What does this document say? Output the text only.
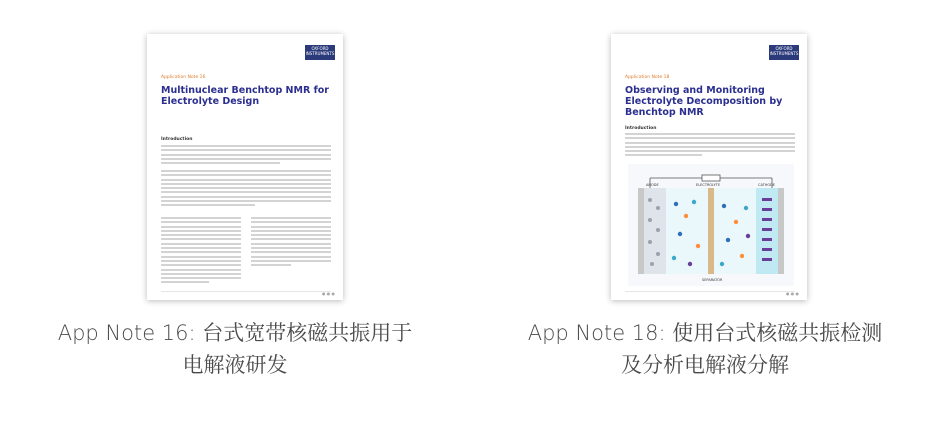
OXFORD
INSTRUMENTS
Application Note 16
Multinuclear Benchtop NMR for Electrolyte Design
Introduction
● ● ●
App Note 16: 台式宽带核磁共振用于
电解液研发
OXFORD
INSTRUMENTS
Application Note 18
Observing and Monitoring Electrolyte Decomposition by Benchtop NMR
Introduction
ANODE	ELECTROLYTE	CATHODE
SEPARATOR
● ● ●
App Note 18: 使用台式核磁共振检测
及分析电解液分解
